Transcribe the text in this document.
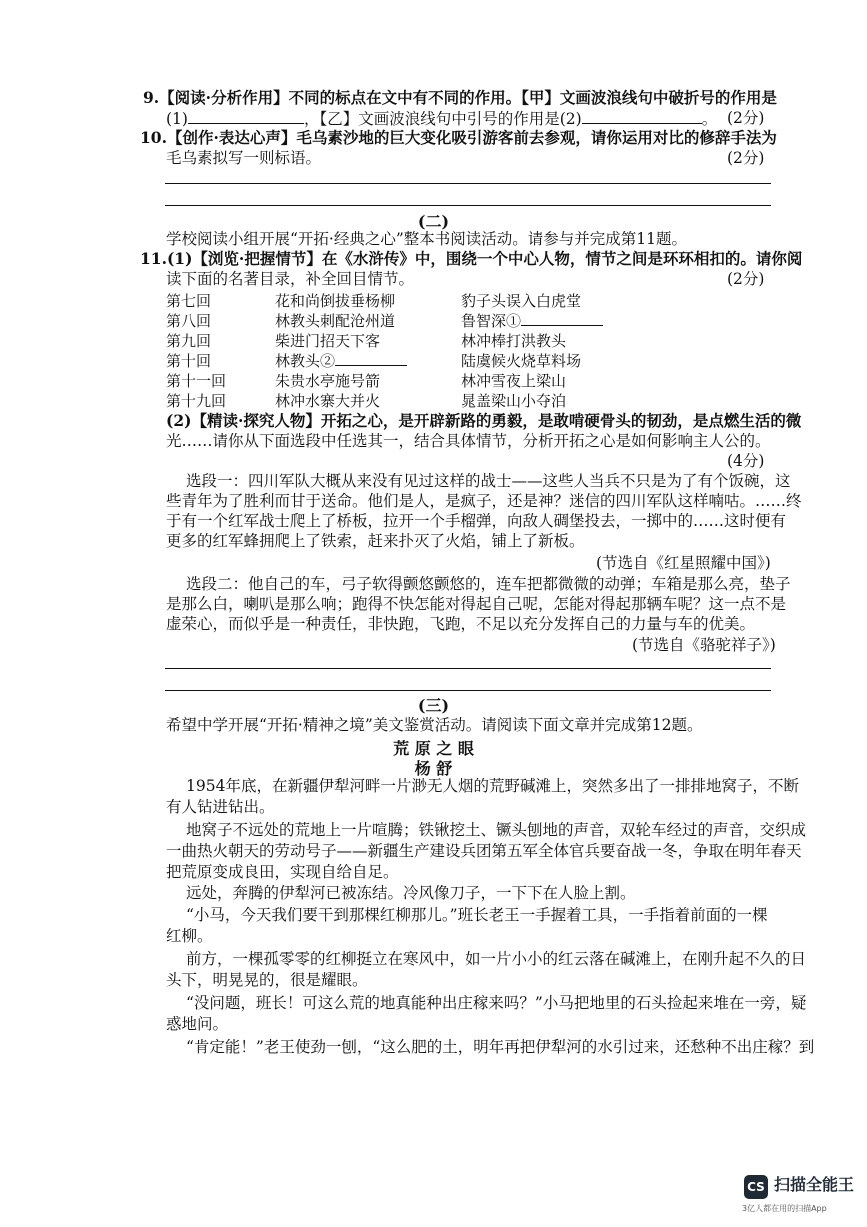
9.【阅读·分析作用】不同的标点在文中有不同的作用。【甲】文画波浪线句中破折号的作用是
(1)	，【乙】文画波浪线句中引号的作用是(2)	。 (2分)
10.【创作·表达心声】毛乌素沙地的巨大变化吸引游客前去参观，请你运用对比的修辞手法为
毛乌素拟写一则标语。	(2分)
(二)
学校阅读小组开展“开拓·经典之心”整本书阅读活动。请参与并完成第11题。
11.(1)【浏览·把握情节】在《水浒传》中，围绕一个中心人物，情节之间是环环相扣的。请你阅
读下面的名著目录，补全回目情节。	(2分)
第七回	花和尚倒拔垂杨柳	豹子头误入白虎堂
第八回	林教头刺配沧州道	鲁智深①
第九回	柴进门招天下客	林冲棒打洪教头
第十回	林教头②	陆虞候火烧草料场
第十一回	朱贵水亭施号箭	林冲雪夜上梁山
第十九回	林冲水寨大并火	晁盖梁山小夺泊
(2)【精读·探究人物】开拓之心，是开辟新路的勇毅，是敢啃硬骨头的韧劲，是点燃生活的微
光……请你从下面选段中任选其一，结合具体情节，分析开拓之心是如何影响主人公的。
(4分)
选段一：四川军队大概从来没有见过这样的战士——这些人当兵不只是为了有个饭碗，这
些青年为了胜利而甘于送命。他们是人，是疯子，还是神？迷信的四川军队这样喃咕。……终
于有一个红军战士爬上了桥板，拉开一个手榴弹，向敌人碉堡投去，一掷中的……这时便有
更多的红军蜂拥爬上了铁索，赶来扑灭了火焰，铺上了新板。
(节选自《红星照耀中国》)
选段二：他自己的车，弓子软得颤悠颤悠的，连车把都微微的动弹；车箱是那么亮，垫子
是那么白，喇叭是那么响；跑得不快怎能对得起自己呢，怎能对得起那辆车呢？这一点不是
虚荣心，而似乎是一种责任，非快跑，飞跑，不足以充分发挥自己的力量与车的优美。
(节选自《骆驼祥子》)
(三)
希望中学开展“开拓·精神之境”美文鉴赏活动。请阅读下面文章并完成第12题。
荒 原 之 眼
杨 舒
1954年底，在新疆伊犁河畔一片渺无人烟的荒野碱滩上，突然多出了一排排地窝子，不断
有人钻进钻出。
地窝子不远处的荒地上一片喧腾；铁锹挖土、镢头刨地的声音，双轮车经过的声音，交织成
一曲热火朝天的劳动号子——新疆生产建设兵团第五军全体官兵要奋战一冬，争取在明年春天
把荒原变成良田，实现自给自足。
远处，奔腾的伊犁河已被冻结。冷风像刀子，一下下在人脸上割。
“小马，今天我们要干到那棵红柳那儿。”班长老王一手握着工具，一手指着前面的一棵
红柳。
前方，一棵孤零零的红柳挺立在寒风中，如一片小小的红云落在碱滩上，在刚升起不久的日
头下，明晃晃的，很是耀眼。
“没问题，班长！可这么荒的地真能种出庄稼来吗？”小马把地里的石头捡起来堆在一旁，疑
惑地问。
“肯定能！”老王使劲一刨，“这么肥的土，明年再把伊犁河的水引过来，还愁种不出庄稼？到
CS 扫描全能王
3亿人都在用的扫描App
